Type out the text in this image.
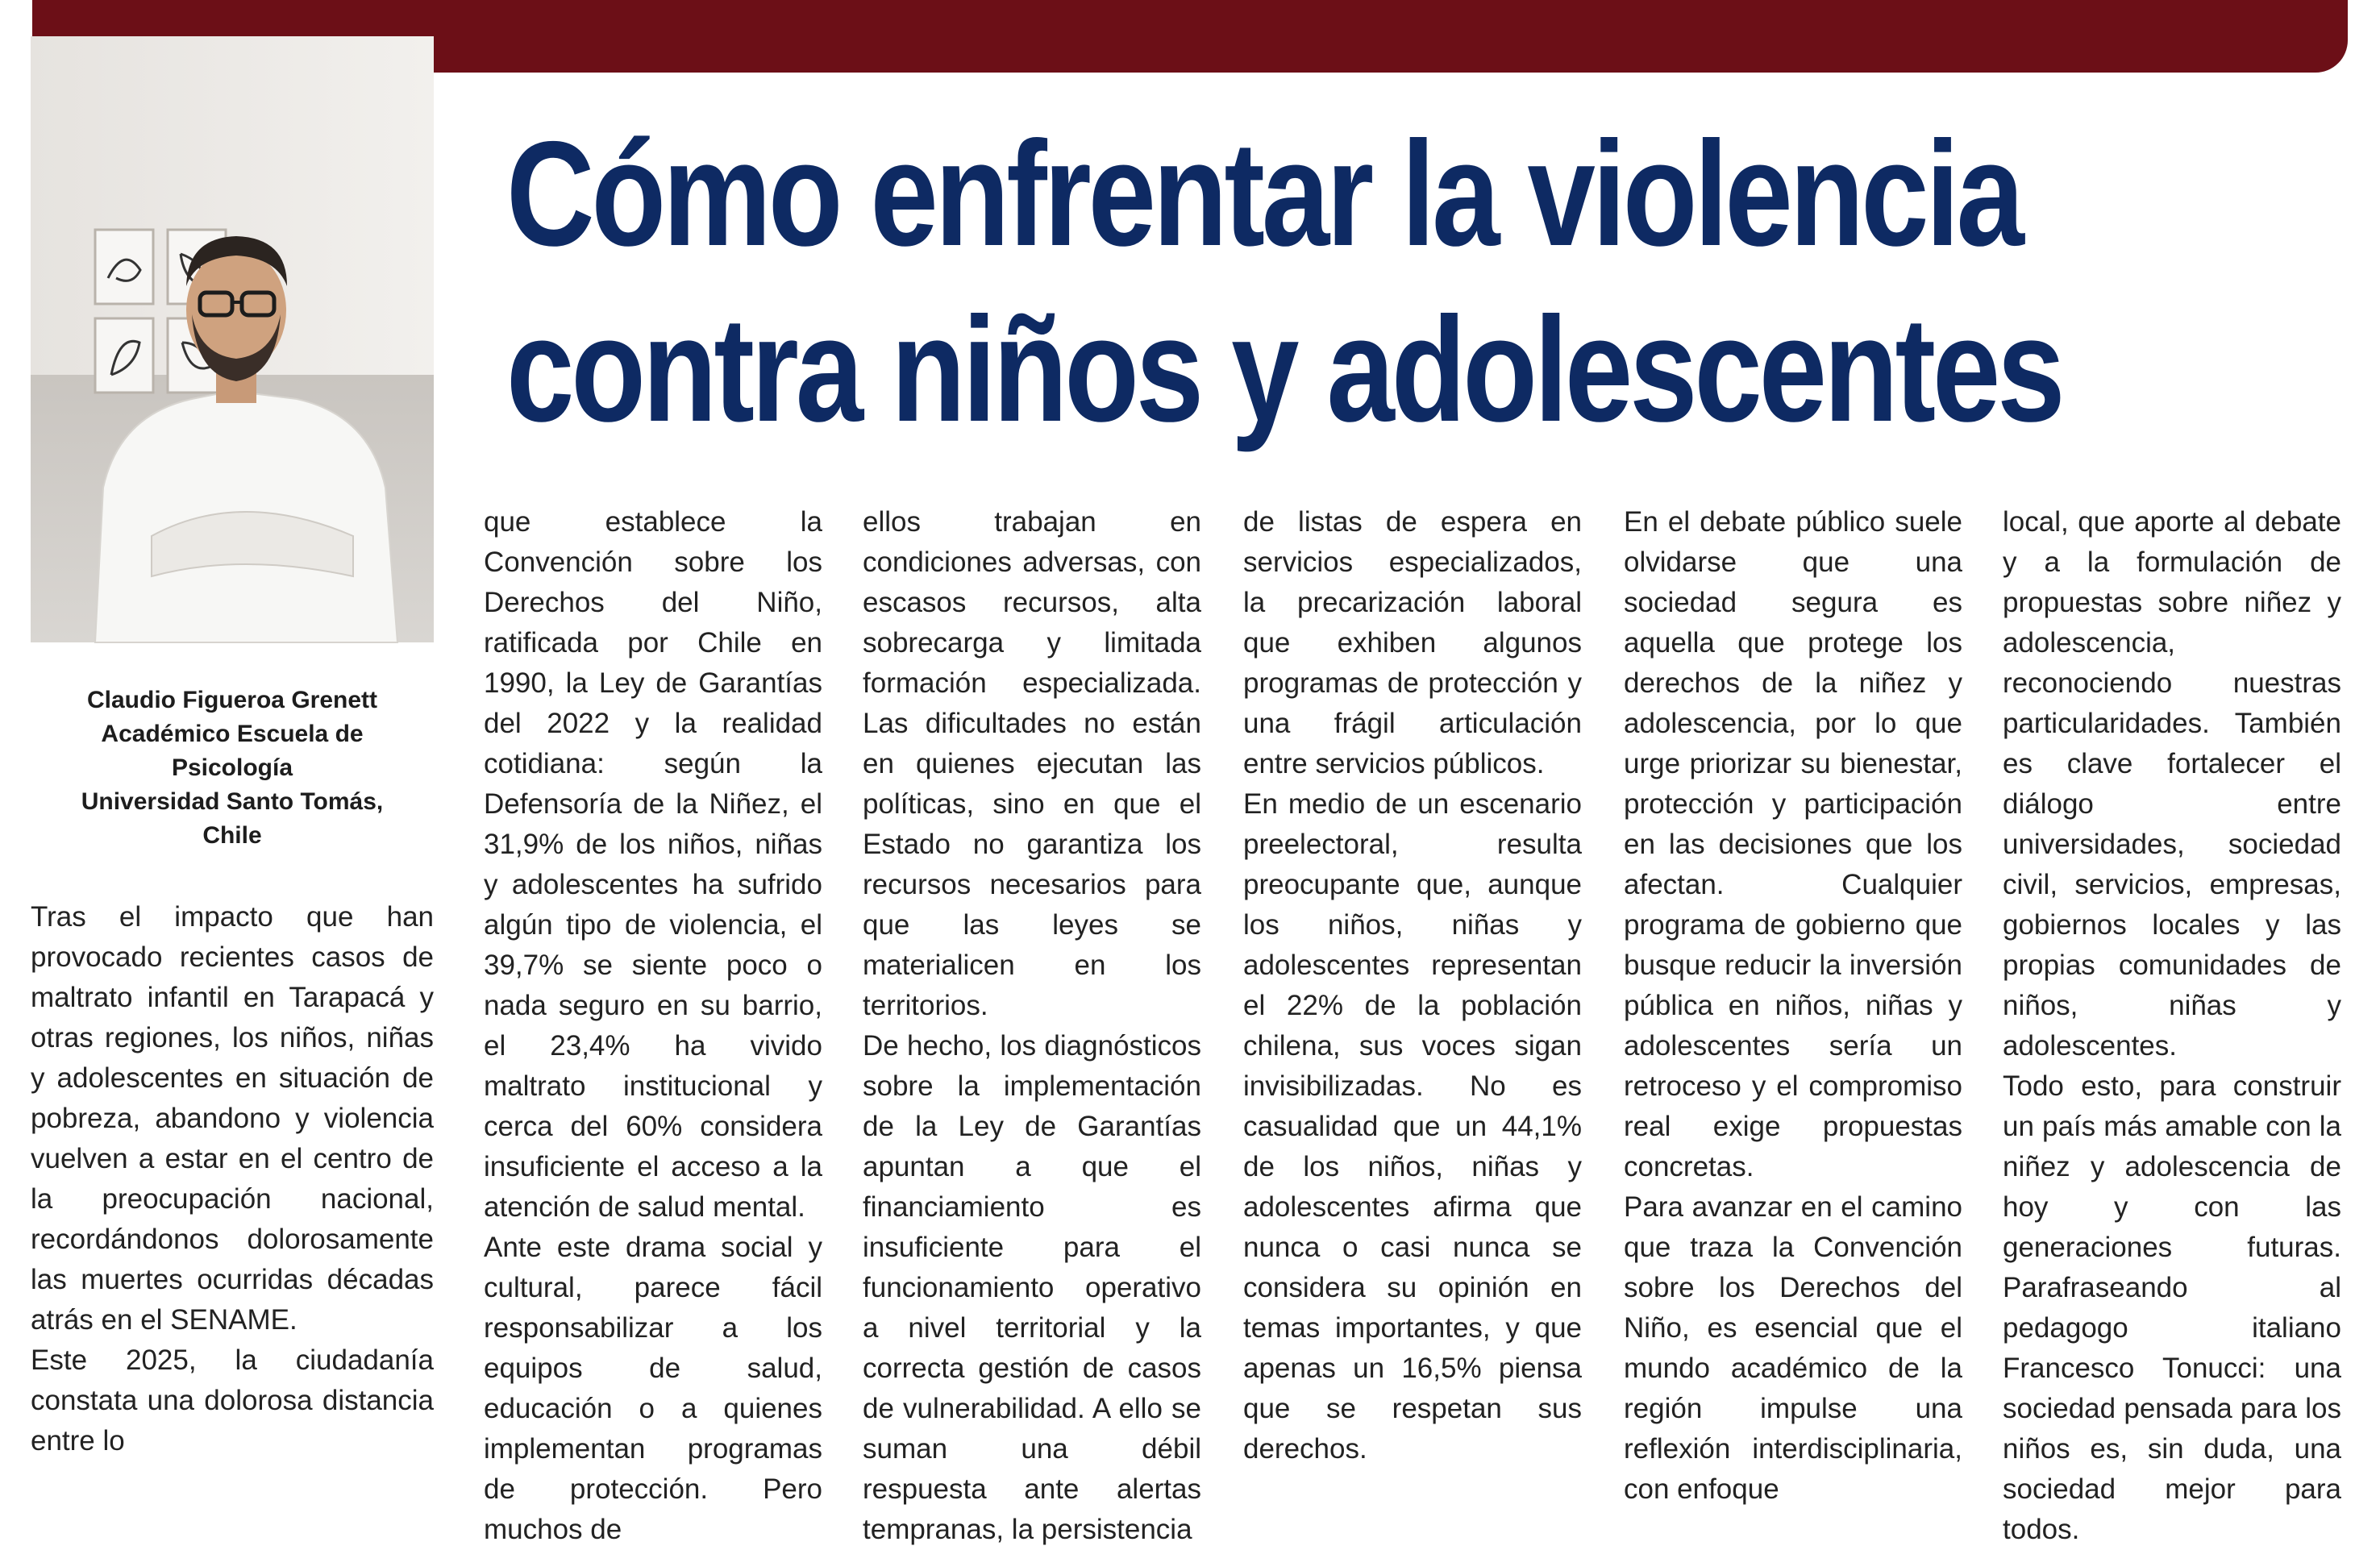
Cómo enfrentar la violencia
contra niños y adolescentes

Claudio Figueroa Grenett
Académico Escuela de
Psicología
Universidad Santo Tomás,
Chile

Tras el impacto que han provocado recientes casos de maltrato infantil en Tarapacá y otras regiones, los niños, niñas y adolescentes en situación de pobreza, abandono y violencia vuelven a estar en el centro de la preocupación nacional, recordándonos dolorosamente las muertes ocurridas décadas atrás en el SENAME.

Este 2025, la ciudadanía constata una dolorosa distancia entre lo

que establece la Convención sobre los Derechos del Niño, ratificada por Chile en 1990, la Ley de Garantías del 2022 y la realidad cotidiana: según la Defensoría de la Niñez, el 31,9% de los niños, niñas y adolescentes ha sufrido algún tipo de violencia, el 39,7% se siente poco o nada seguro en su barrio, el 23,4% ha vivido maltrato institucional y cerca del 60% considera insuficiente el acceso a la atención de salud mental.

Ante este drama social y cultural, parece fácil responsabilizar a los equipos de salud, educación o a quienes implementan programas de protección. Pero muchos de

ellos trabajan en condiciones adversas, con escasos recursos, alta sobrecarga y limitada formación especializada. Las dificultades no están en quienes ejecutan las políticas, sino en que el Estado no garantiza los recursos necesarios para que las leyes se materialicen en los territorios.

De hecho, los diagnósticos sobre la implementación de la Ley de Garantías apuntan a que el financiamiento es insuficiente para el funcionamiento operativo a nivel territorial y la correcta gestión de casos de vulnerabilidad. A ello se suman una débil respuesta ante alertas tempranas, la persistencia

de listas de espera en servicios especializados, la precarización laboral que exhiben algunos programas de protección y una frágil articulación entre servicios públicos.

En medio de un escenario preelectoral, resulta preocupante que, aunque los niños, niñas y adolescentes representan el 22% de la población chilena, sus voces sigan invisibilizadas. No es casualidad que un 44,1% de los niños, niñas y adolescentes afirma que nunca o casi nunca se considera su opinión en temas importantes, y que apenas un 16,5% piensa que se respetan sus derechos.

En el debate público suele olvidarse que una sociedad segura es aquella que protege los derechos de la niñez y adolescencia, por lo que urge priorizar su bienestar, protección y participación en las decisiones que los afectan. Cualquier programa de gobierno que busque reducir la inversión pública en niños, niñas y adolescentes sería un retroceso y el compromiso real exige propuestas concretas.

Para avanzar en el camino que traza la Convención sobre los Derechos del Niño, es esencial que el mundo académico de la región impulse una reflexión interdisciplinaria, con enfoque

local, que aporte al debate y a la formulación de propuestas sobre niñez y adolescencia, reconociendo nuestras particularidades. También es clave fortalecer el diálogo entre universidades, sociedad civil, servicios, empresas, gobiernos locales y las propias comunidades de niños, niñas y adolescentes.

Todo esto, para construir un país más amable con la niñez y adolescencia de hoy y con las generaciones futuras. Parafraseando al pedagogo italiano Francesco Tonucci: una sociedad pensada para los niños es, sin duda, una sociedad mejor para todos.
